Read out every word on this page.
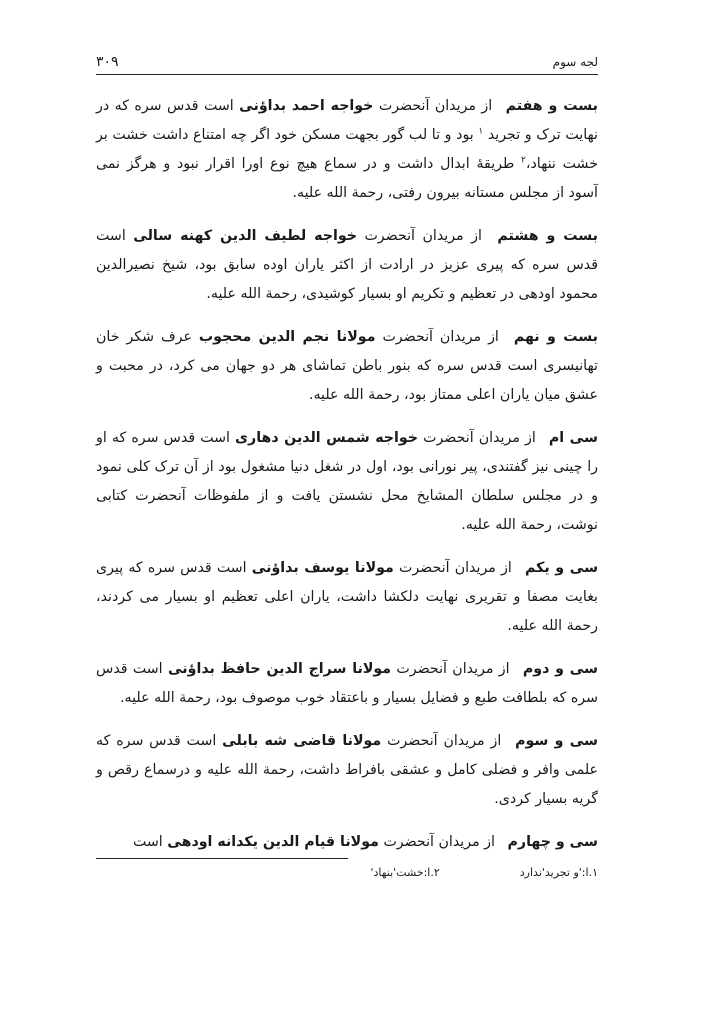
لجه سوم
۳۰۹

بست و هفتم از مریدان آنحضرت خواجه احمد بداؤنی است قدس سره که در نهایت ترک و تجرید $^۱$ بود و تا لب گور بجهت مسکن خود اگر چه امتناع داشت خشت بر خشت ننهاد،$^۲$ طریقهٔ ابدال داشت و در سماع هیچ نوع اورا اقرار نبود و هرگز نمی آسود از مجلس مستانه بیرون رفتی، رحمة الله علیه.

بست و هشتم از مریدان آنحضرت خواجه لطیف الدین کهنه سالی است قدس سره که پیری عزیز در ارادت از اکثر یاران اوده سابق بود، شیخ نصیرالدین محمود اودهی در تعظیم و تکریم او بسیار کوشیدی، رحمة الله علیه.

بست و نهم از مریدان آنحضرت مولانا نجم الدین محجوب عرف شکر خان تهانیسری است قدس سره که بنور باطن تماشای هر دو جهان می کرد، در محبت و عشق میان یاران اعلی ممتاز بود، رحمة الله علیه.

سی ام از مریدان آنحضرت خواجه شمس الدین دهاری است قدس سره که او را چینی نیز گفتندی، پیر نورانی بود، اول در شغل دنیا مشغول بود از آن ترک کلی نمود و در مجلس سلطان المشایخ محل نشستن یافت و از ملفوظات آنحضرت کتابی نوشت، رحمة الله علیه.

سی و یکم از مریدان آنحضرت مولانا یوسف بداؤنی است قدس سره که پیری بغایت مصفا و تقریری نهایت دلکشا داشت، یاران اعلی تعظیم او بسیار می کردند، رحمة الله علیه.

سی و دوم از مریدان آنحضرت مولانا سراج الدین حافظ بداؤنی است قدس سره که بلطافت طبع و فضایل بسیار و باعتقاد خوب موصوف بود، رحمة الله علیه.

سی و سوم از مریدان آنحضرت مولانا قاضی شه بابلی است قدس سره که علمی وافر و فضلی کامل و عشقی بافراط داشت، رحمة الله علیه و درسماع رقص و گریه بسیار کردی.

سی و چهارم از مریدان آنحضرت مولانا قیام الدین یکدانه اودهی است

۱.ا:'و تجرید'ندارد
۲.ا:خشت'بنهاد'
